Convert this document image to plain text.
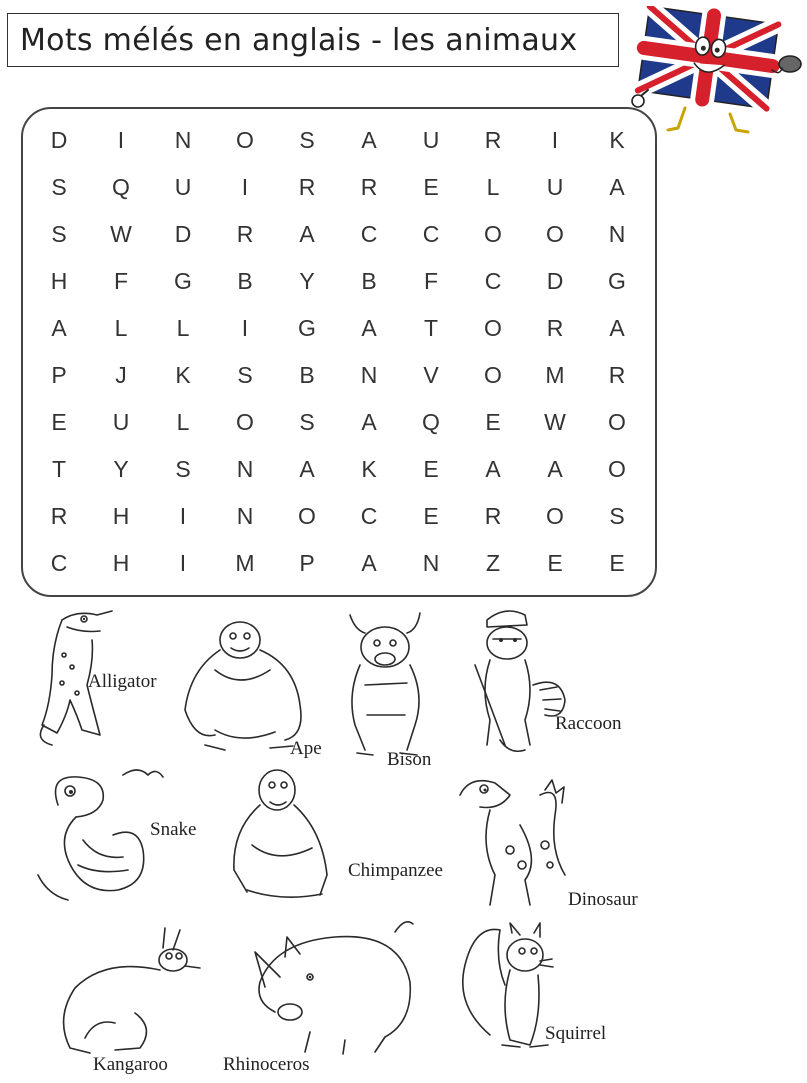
Mots mélés en anglais - les animaux
D	I	N	O	S	A	U	R	I	K
S	Q	U	I	R	R	E	L	U	A
S	W	D	R	A	C	C	O	O	N
H	F	G	B	Y	B	F	C	D	G
A	L	L	I	G	A	T	O	R	A
P	J	K	S	B	N	V	O	M	R
E	U	L	O	S	A	Q	E	W	O
T	Y	S	N	A	K	E	A	A	O
R	H	I	N	O	C	E	R	O	S
C	H	I	M	P	A	N	Z	E	E
Alligator
Ape
Bison
Raccoon
Snake
Chimpanzee
Dinosaur
Kangaroo	Rhinoceros
Squirrel
